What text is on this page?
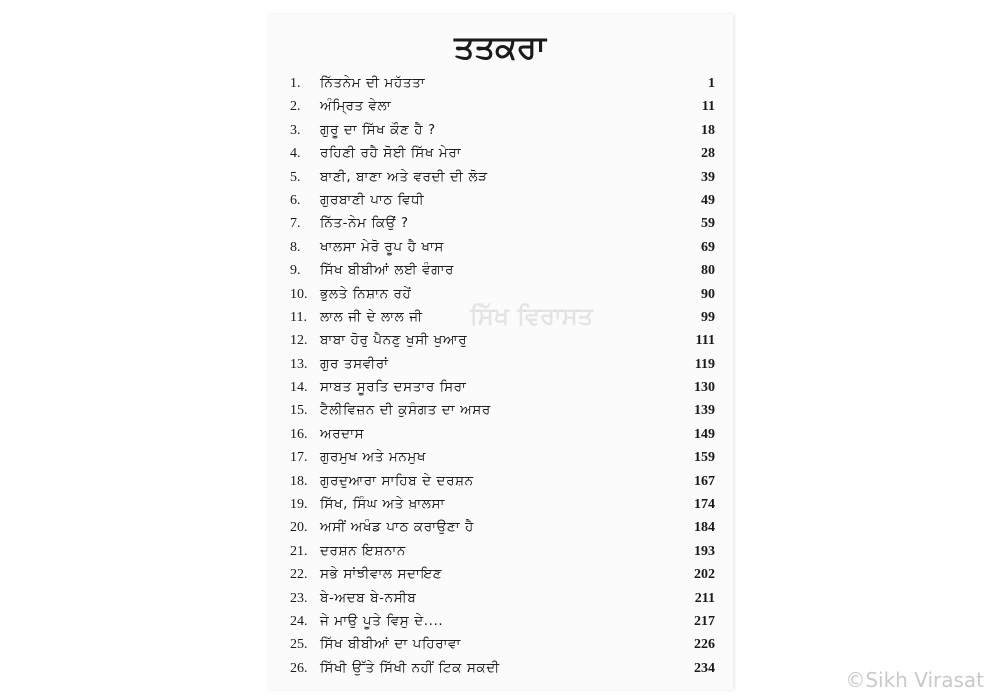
ਤਤਕਰਾ
1. ਨਿੱਤਨੇਮ ਦੀ ਮਹੱਤਤਾ	1
2. ਅੰਮ੍ਰਿਤ ਵੇਲਾ	11
3. ਗੁਰੂ ਦਾ ਸਿੱਖ ਕੌਣ ਹੈ ?	18
4. ਰਹਿਣੀ ਰਹੈ ਸੋਈ ਸਿੱਖ ਮੇਰਾ	28
5. ਬਾਣੀ, ਬਾਣਾ ਅਤੇ ਵਰਦੀ ਦੀ ਲੋੜ	39
6. ਗੁਰਬਾਣੀ ਪਾਠ ਵਿਧੀ	49
7. ਨਿੱਤ-ਨੇਮ ਕਿਉਂ ?	59
8. ਖਾਲਸਾ ਮੇਰੋ ਰੂਪ ਹੈ ਖਾਸ	69
9. ਸਿੱਖ ਬੀਬੀਆਂ ਲਈ ਵੰਗਾਰ	80
10. ਭੁਲਤੇ ਨਿਸ਼ਾਨ ਰਹੇਂ	90
11. ਲਾਲ ਜੀ ਦੇ ਲਾਲ ਜੀ	99
12. ਬਾਬਾ ਹੋਰੁ ਪੈਨਣੁ ਖੁਸੀ ਖੁਆਰੁ	111
13. ਗੁਰ ਤਸਵੀਰਾਂ	119
14. ਸਾਬਤ ਸੂਰਤਿ ਦਸਤਾਰ ਸਿਰਾ	130
15. ਟੈਲੀਵਿਜ਼ਨ ਦੀ ਕੁਸੰਗਤ ਦਾ ਅਸਰ	139
16. ਅਰਦਾਸ	149
17. ਗੁਰਮੁਖ ਅਤੇ ਮਨਮੁਖ	159
18. ਗੁਰਦੁਆਰਾ ਸਾਹਿਬ ਦੇ ਦਰਸ਼ਨ	167
19. ਸਿੱਖ, ਸਿੰਘ ਅਤੇ ਖ਼ਾਲਸਾ	174
20. ਅਸੀਂ ਅਖੰਡ ਪਾਠ ਕਰਾਉਣਾ ਹੈ	184
21. ਦਰਸ਼ਨ ਇਸ਼ਨਾਨ	193
22. ਸਭੇ ਸਾਂਝੀਵਾਲ ਸਦਾਇਣ	202
23. ਬੇ-ਅਦਬ ਬੇ-ਨਸੀਬ	211
24. ਜੇ ਮਾਉ ਪੂਤੇ ਵਿਸੁ ਦੇ....	217
25. ਸਿੱਖ ਬੀਬੀਆਂ ਦਾ ਪਹਿਰਾਵਾ	226
26. ਸਿੱਖੀ ਉੱਤੇ ਸਿੱਖੀ ਨਹੀਂ ਟਿਕ ਸਕਦੀ	234
ਸਿੱਖ ਵਿਰਾਸਤ
©Sikh Virasat
